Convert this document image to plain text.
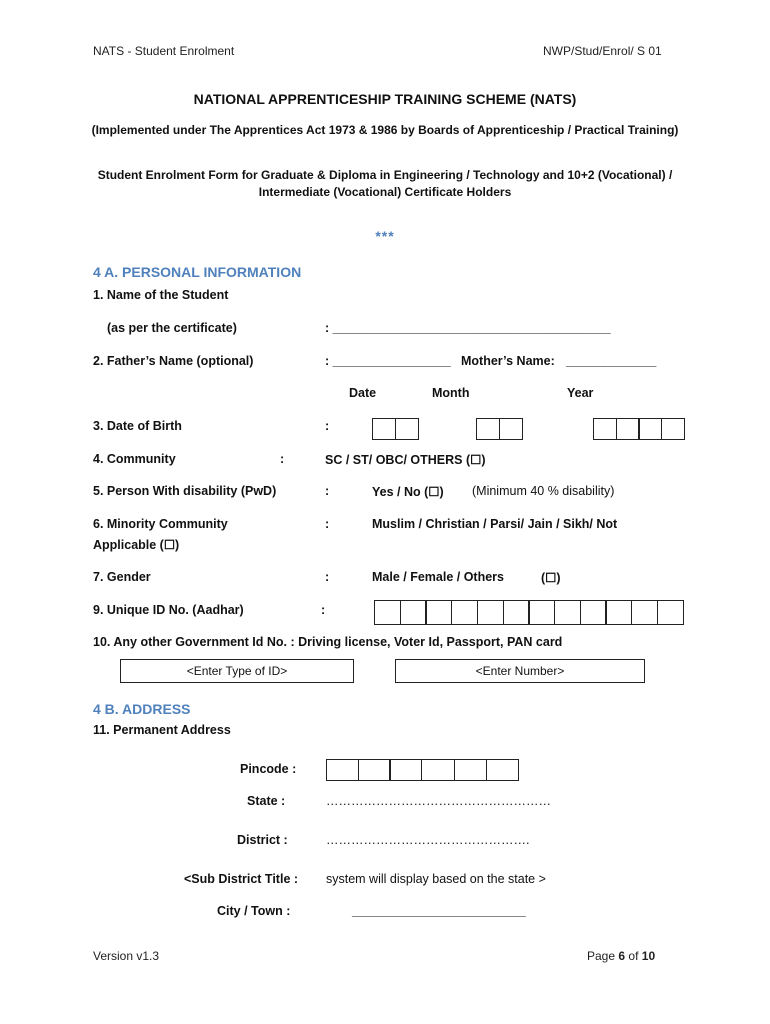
NATS - Student Enrolment	NWP/Stud/Enrol/ S 01
NATIONAL APPRENTICESHIP TRAINING SCHEME (NATS)
(Implemented under The Apprentices Act 1973 & 1986 by Boards of Apprenticeship / Practical Training)
Student Enrolment Form for Graduate & Diploma in Engineering / Technology and 10+2 (Vocational) / Intermediate (Vocational) Certificate Holders
***
4 A. PERSONAL INFORMATION
1. Name of the Student
(as per the certificate)	: ________________________________________
2. Father’s Name (optional)	: _________________ Mother’s Name: _____________
Date	Month	Year
3. Date of Birth	:
4. Community	:	SC / ST/ OBC/ OTHERS (☐)
5. Person With disability (PwD)	:	Yes / No (☐) (Minimum 40 % disability)
6. Minority Community	:	Muslim / Christian / Parsi/ Jain / Sikh/ Not
Applicable (☐)
7. Gender	:	Male / Female / Others	(☐)
9. Unique ID No. (Aadhar)	:
10. Any other Government Id No. : Driving license, Voter Id, Passport, PAN card
<Enter Type of ID>	<Enter Number>
4 B. ADDRESS
11. Permanent Address
Pincode :
State :	………………………………………………
District :	………………………………………….
<Sub District Title : system will display based on the state >
City / Town :	_________________________
Version v1.3	Page 6 of 10
